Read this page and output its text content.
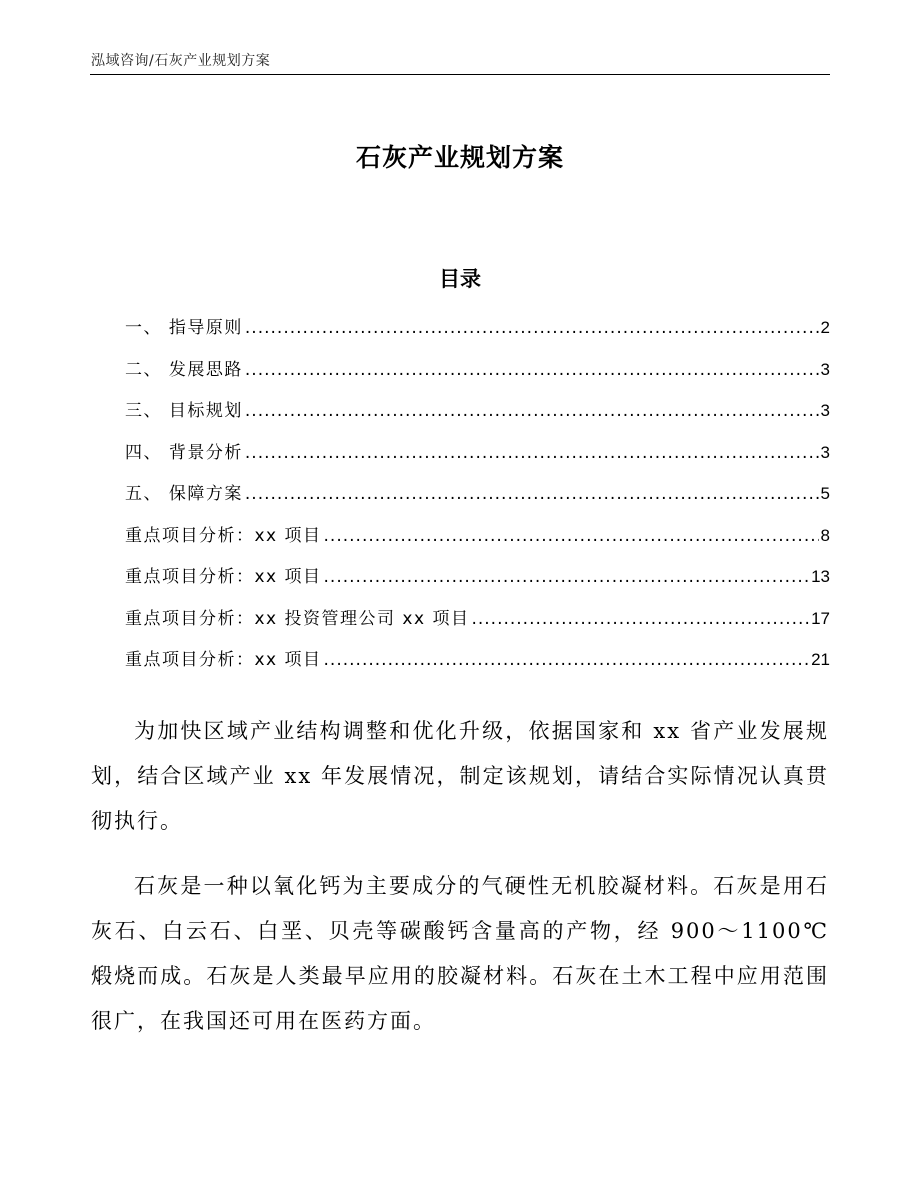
泓域咨询/石灰产业规划方案
石灰产业规划方案
目录
一、 指导原则 .....	2
二、 发展思路 .....	3
三、 目标规划 .....	3
四、 背景分析 .....	3
五、 保障方案 .....	5
重点项目分析：xx 项目 .....	8
重点项目分析：xx 项目 .....	13
重点项目分析：xx 投资管理公司 xx 项目 .....	17
重点项目分析：xx 项目 .....	21

为加快区域产业结构调整和优化升级，依据国家和 xx 省产业发展规划，结合区域产业 xx 年发展情况，制定该规划，请结合实际情况认真贯彻执行。

石灰是一种以氧化钙为主要成分的气硬性无机胶凝材料。石灰是用石灰石、白云石、白垩、贝壳等碳酸钙含量高的产物，经 900～1100℃煅烧而成。石灰是人类最早应用的胶凝材料。石灰在土木工程中应用范围很广，在我国还可用在医药方面。
